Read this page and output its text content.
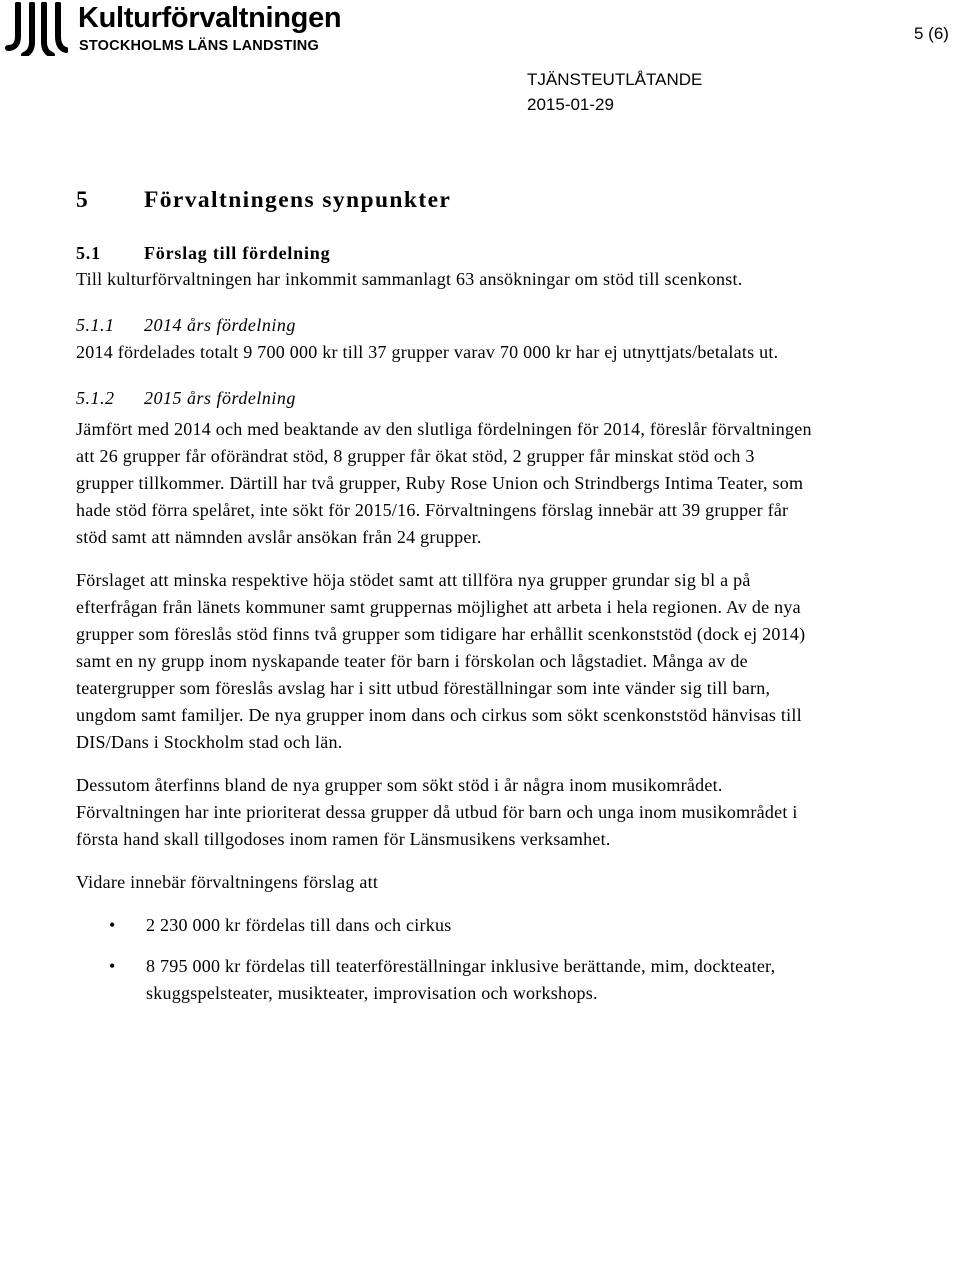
Kulturförvaltningen
STOCKHOLMS LÄNS LANDSTING
5 (6)
TJÄNSTEUTLÅTANDE
2015-01-29
5 Förvaltningens synpunkter
5.1 Förslag till fördelning

Till kulturförvaltningen har inkommit sammanlagt 63 ansökningar om stöd till scenkonst.

5.1.1 2014 års fördelning

2014 fördelades totalt 9 700 000 kr till 37 grupper varav 70 000 kr har ej utnyttjats/betalats ut.

5.1.2 2015 års fördelning

Jämfört med 2014 och med beaktande av den slutliga fördelningen för 2014, föreslår förvaltningen att 26 grupper får oförändrat stöd, 8 grupper får ökat stöd, 2 grupper får minskat stöd och 3 grupper tillkommer. Därtill har två grupper, Ruby Rose Union och Strindbergs Intima Teater, som hade stöd förra spelåret, inte sökt för 2015/16. Förvaltningens förslag innebär att 39 grupper får stöd samt att nämnden avslår ansökan från 24 grupper.

Förslaget att minska respektive höja stödet samt att tillföra nya grupper grundar sig bl a på efterfrågan från länets kommuner samt gruppernas möjlighet att arbeta i hela regionen. Av de nya grupper som föreslås stöd finns två grupper som tidigare har erhållit scenkonststöd (dock ej 2014) samt en ny grupp inom nyskapande teater för barn i förskolan och lågstadiet. Många av de teatergrupper som föreslås avslag har i sitt utbud föreställningar som inte vänder sig till barn, ungdom samt familjer. De nya grupper inom dans och cirkus som sökt scenkonststöd hänvisas till DIS/Dans i Stockholm stad och län.

Dessutom återfinns bland de nya grupper som sökt stöd i år några inom musikområdet. Förvaltningen har inte prioriterat dessa grupper då utbud för barn och unga inom musikområdet i första hand skall tillgodoses inom ramen för Länsmusikens verksamhet.

Vidare innebär förvaltningens förslag att

• 2 230 000 kr fördelas till dans och cirkus
• 8 795 000 kr fördelas till teaterföreställningar inklusive berättande, mim, dockteater, skuggspelsteater, musikteater, improvisation och workshops.
